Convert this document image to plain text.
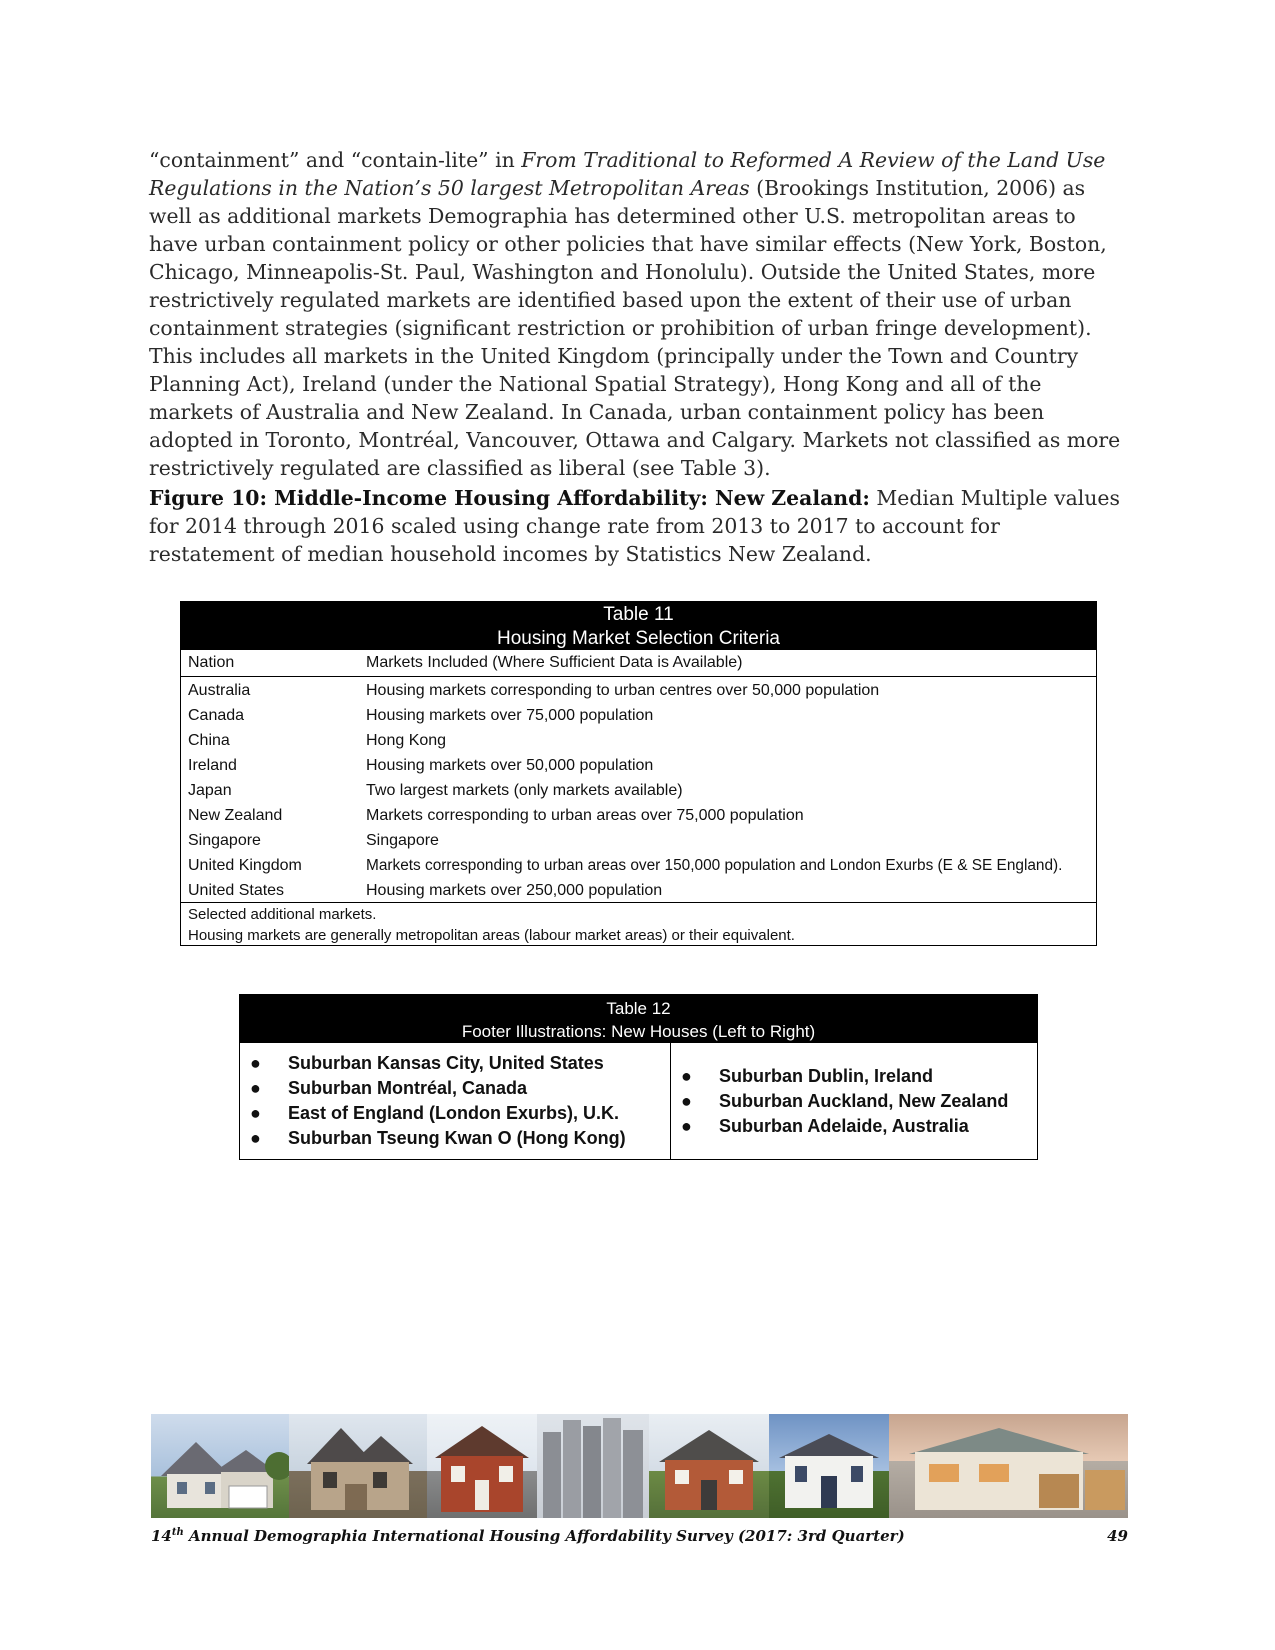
“containment” and “contain-lite” in From Traditional to Reformed A Review of the Land Use Regulations in the Nation’s 50 largest Metropolitan Areas (Brookings Institution, 2006) as well as additional markets Demographia has determined other U.S. metropolitan areas to have urban containment policy or other policies that have similar effects (New York, Boston, Chicago, Minneapolis-St. Paul, Washington and Honolulu). Outside the United States, more restrictively regulated markets are identified based upon the extent of their use of urban containment strategies (significant restriction or prohibition of urban fringe development). This includes all markets in the United Kingdom (principally under the Town and Country Planning Act), Ireland (under the National Spatial Strategy), Hong Kong and all of the markets of Australia and New Zealand. In Canada, urban containment policy has been adopted in Toronto, Montréal, Vancouver, Ottawa and Calgary. Markets not classified as more restrictively regulated are classified as liberal (see Table 3).

Figure 10: Middle-Income Housing Affordability: New Zealand: Median Multiple values for 2014 through 2016 scaled using change rate from 2013 to 2017 to account for restatement of median household incomes by Statistics New Zealand.

Table 11
Housing Market Selection Criteria
Nation	Markets Included (Where Sufficient Data is Available)
Australia	Housing markets corresponding to urban centres over 50,000 population
Canada	Housing markets over 75,000 population
China	Hong Kong
Ireland	Housing markets over 50,000 population
Japan	Two largest markets (only markets available)
New Zealand	Markets corresponding to urban areas over 75,000 population
Singapore	Singapore
United Kingdom	Markets corresponding to urban areas over 150,000 population and London Exurbs (E & SE England).
United States	Housing markets over 250,000 population
Selected additional markets.
Housing markets are generally metropolitan areas (labour market areas) or their equivalent.
Table 12
Footer Illustrations: New Houses (Left to Right)
●	Suburban Kansas City, United States
●	Suburban Montréal, Canada
●	East of England (London Exurbs), U.K.
●	Suburban Tseung Kwan O (Hong Kong)
●	Suburban Dublin, Ireland
●	Suburban Auckland, New Zealand
●	Suburban Adelaide, Australia
14th Annual Demographia International Housing Affordability Survey (2017: 3rd Quarter)	49
